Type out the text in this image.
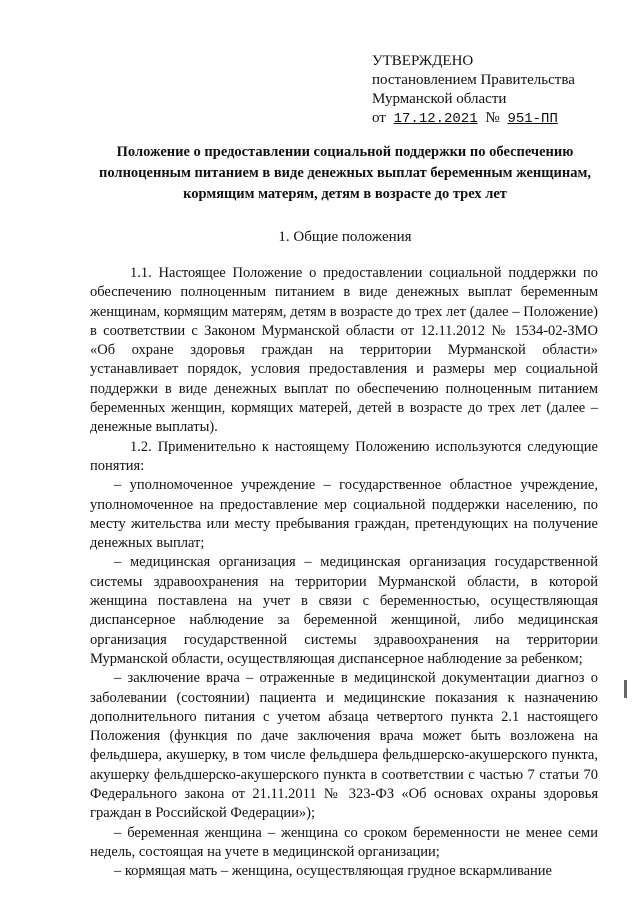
УТВЕРЖДЕНО
постановлением Правительства
Мурманской области
от 17.12.2021 № 951-ПП
Положение о предоставлении социальной поддержки по обеспечению полноценным питанием в виде денежных выплат беременным женщинам, кормящим матерям, детям в возрасте до трех лет
1. Общие положения

1.1. Настоящее Положение о предоставлении социальной поддержки по обеспечению полноценным питанием в виде денежных выплат беременным женщинам, кормящим матерям, детям в возрасте до трех лет (далее – Положение) в соответствии с Законом Мурманской области от 12.11.2012 № 1534-02-ЗМО «Об охране здоровья граждан на территории Мурманской области» устанавливает порядок, условия предоставления и размеры мер социальной поддержки в виде денежных выплат по обеспечению полноценным питанием беременных женщин, кормящих матерей, детей в возрасте до трех лет (далее – денежные выплаты).

1.2. Применительно к настоящему Положению используются следующие понятия:

– уполномоченное учреждение – государственное областное учреждение, уполномоченное на предоставление мер социальной поддержки населению, по месту жительства или месту пребывания граждан, претендующих на получение денежных выплат;

– медицинская организация – медицинская организация государственной системы здравоохранения на территории Мурманской области, в которой женщина поставлена на учет в связи с беременностью, осуществляющая диспансерное наблюдение за беременной женщиной, либо медицинская организация государственной системы здравоохранения на территории Мурманской области, осуществляющая диспансерное наблюдение за ребенком;

– заключение врача – отраженные в медицинской документации диагноз о заболевании (состоянии) пациента и медицинские показания к назначению дополнительного питания с учетом абзаца четвертого пункта 2.1 настоящего Положения (функция по даче заключения врача может быть возложена на фельдшера, акушерку, в том числе фельдшера фельдшерско-акушерского пункта, акушерку фельдшерско-акушерского пункта в соответствии с частью 7 статьи 70 Федерального закона от 21.11.2011 № 323-ФЗ «Об основах охраны здоровья граждан в Российской Федерации»);

– беременная женщина – женщина со сроком беременности не менее семи недель, состоящая на учете в медицинской организации;

– кормящая мать – женщина, осуществляющая грудное вскармливание
